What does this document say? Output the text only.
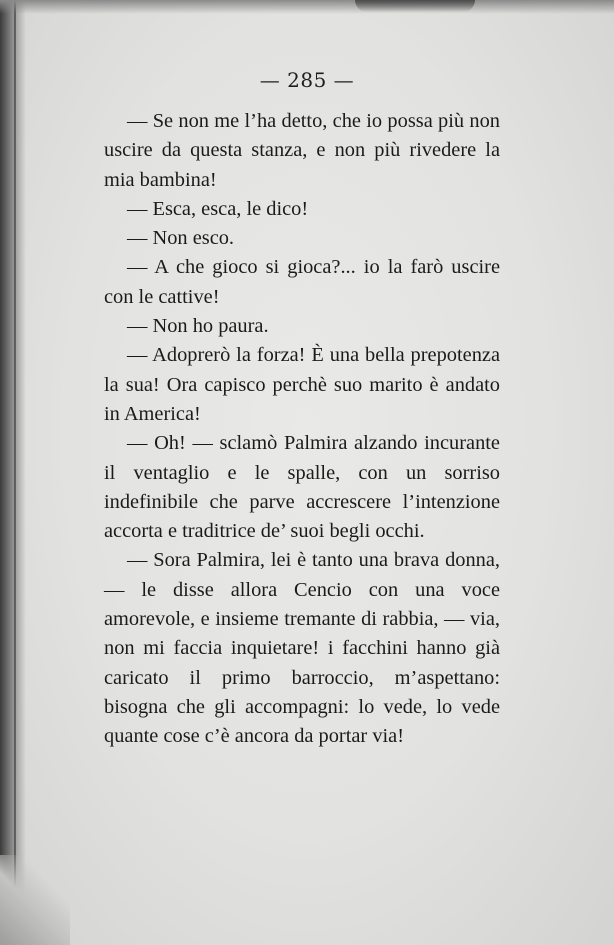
— 285 —

— Se non me l’ha detto, che io possa più non uscire da questa stanza, e non più rivedere la mia bambina!

— Esca, esca, le dico!

— Non esco.

— A che gioco si gioca?... io la farò uscire con le cattive!

— Non ho paura.

— Adoprerò la forza! È una bella prepotenza la sua! Ora capisco perchè suo marito è andato in America!

— Oh! — sclamò Palmira alzando incurante il ventaglio e le spalle, con un sorriso indefinibile che parve accrescere l’intenzione accorta e traditrice de’ suoi begli occhi.

— Sora Palmira, lei è tanto una brava donna, — le disse allora Cencio con una voce amorevole, e insieme tremante di rabbia, — via, non mi faccia inquietare! i facchini hanno già caricato il primo barroccio, m’aspettano: bisogna che gli accompagni: lo vede, lo vede quante cose c’è ancora da portar via!
